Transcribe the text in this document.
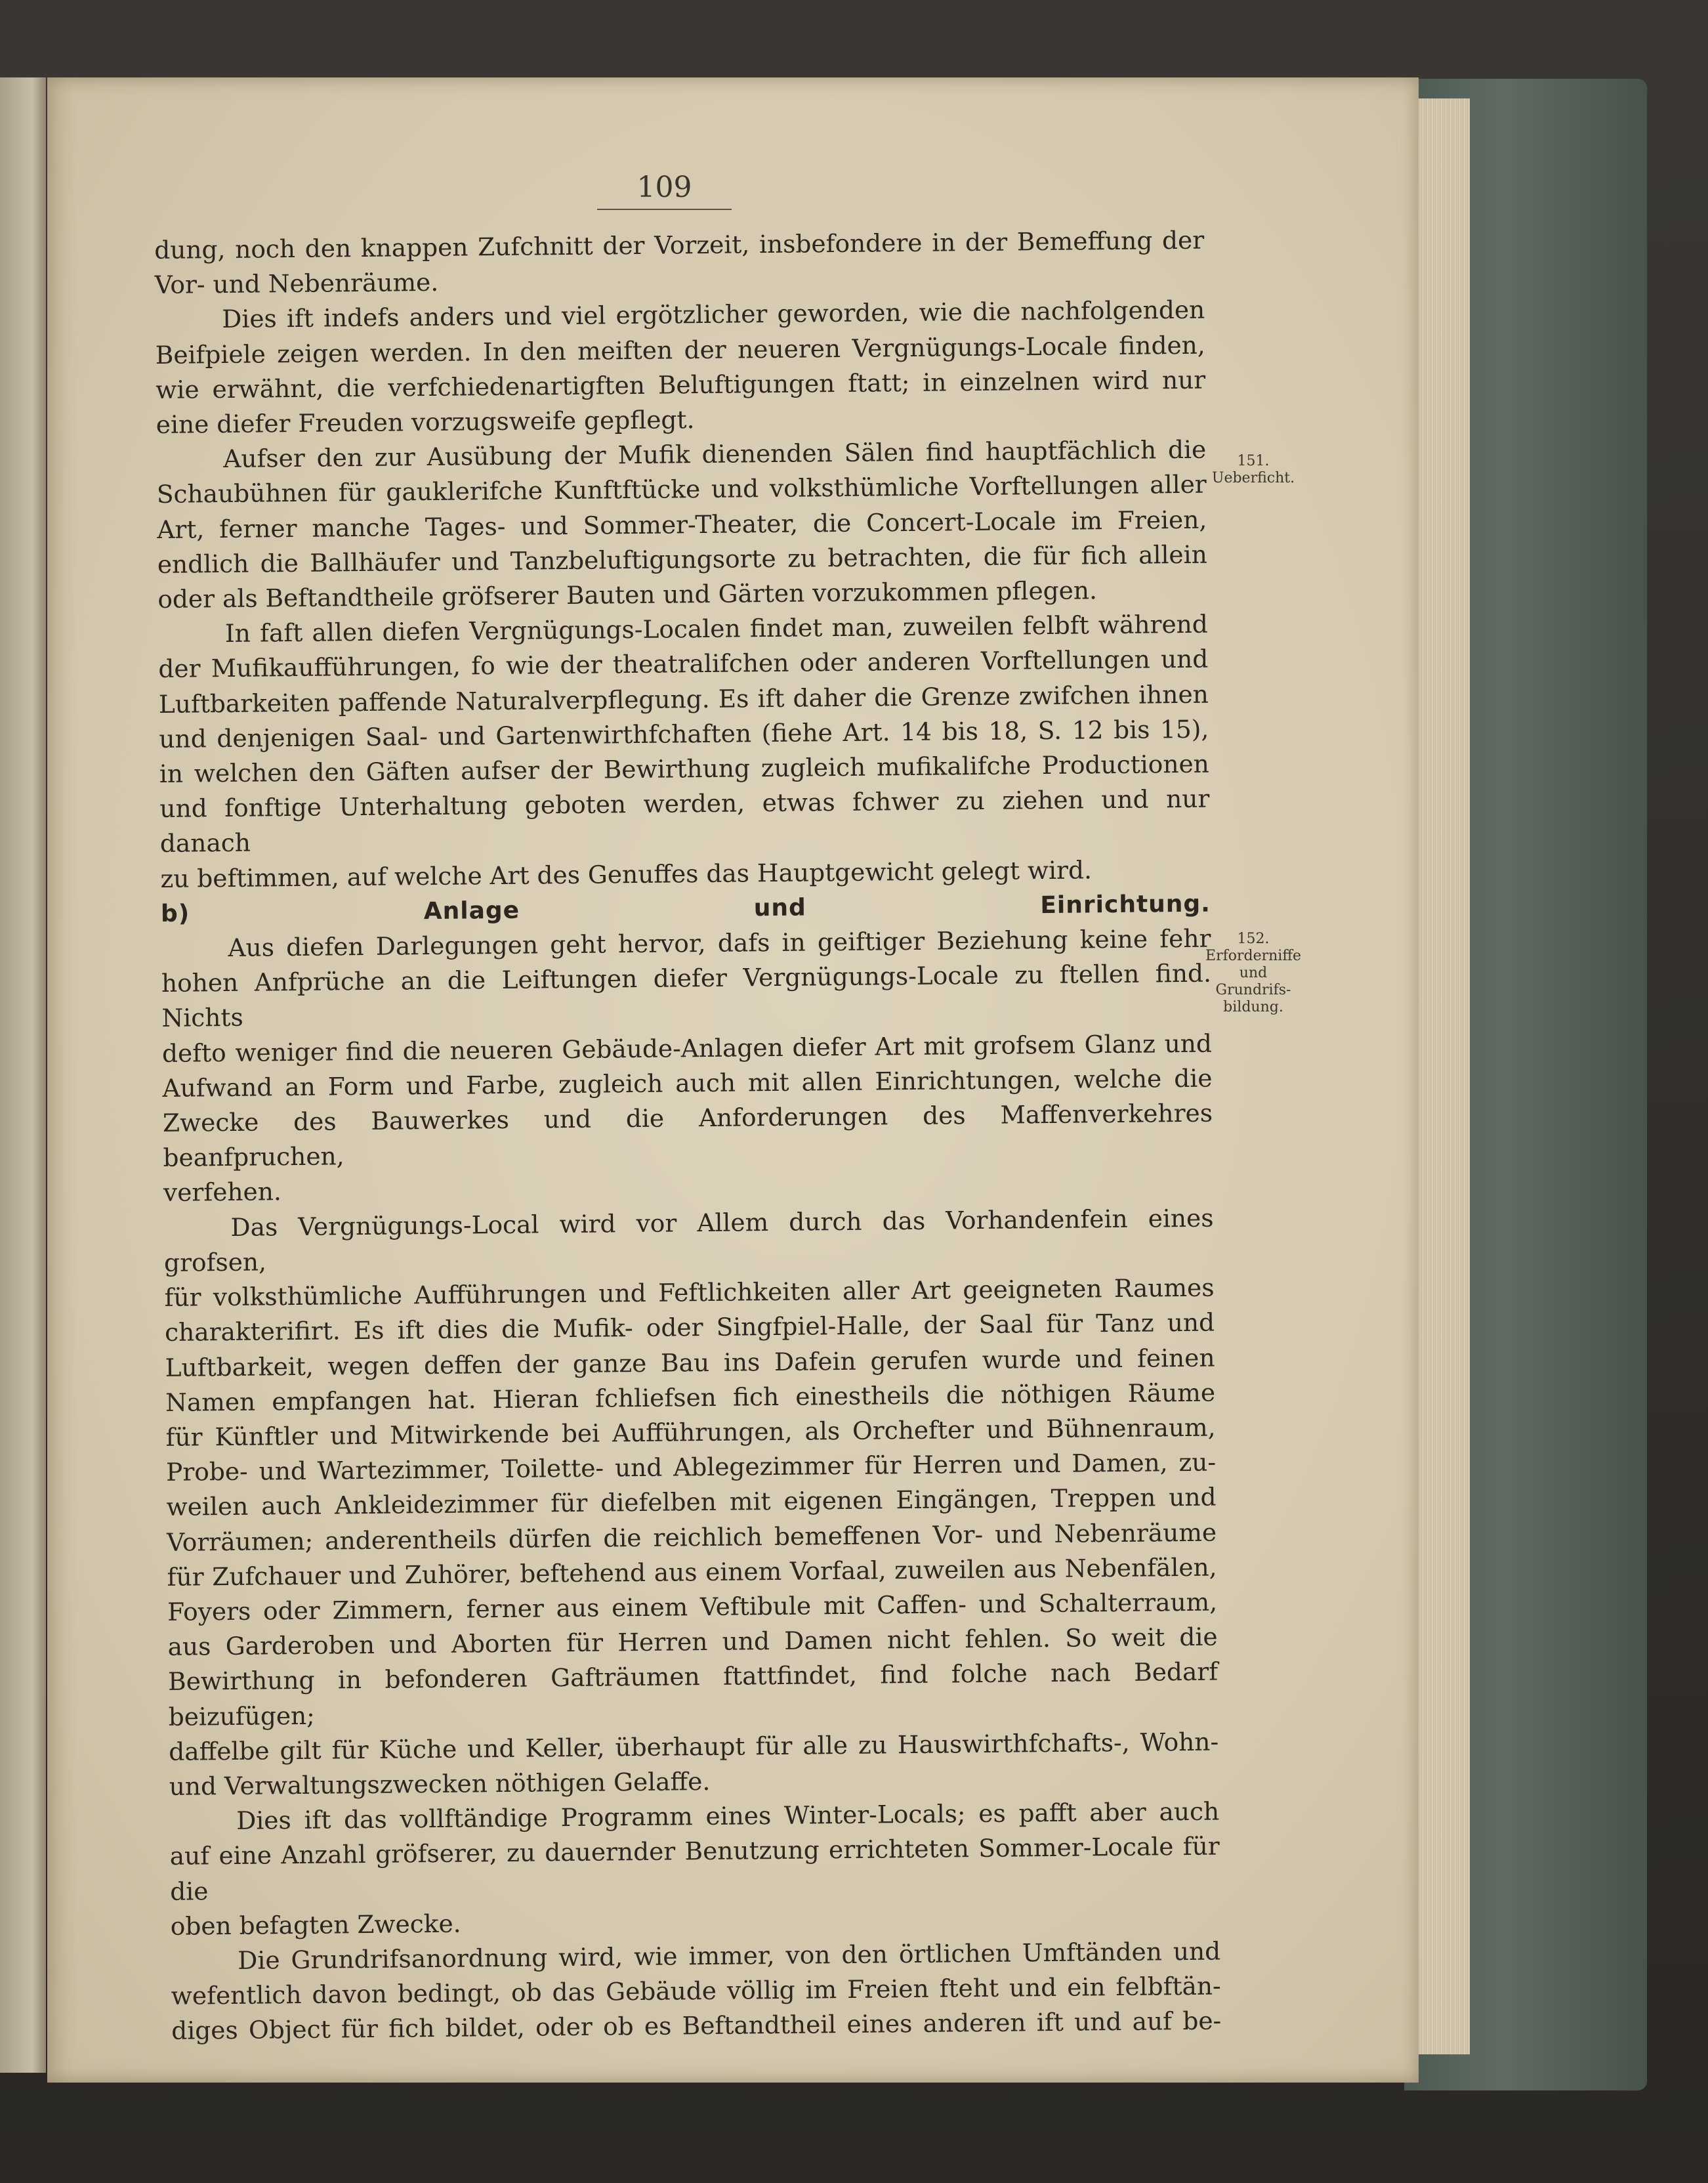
109

dung, noch den knappen Zufchnitt der Vorzeit, insbefondere in der Bemeffung der

Vor- und Nebenräume.

Dies ift indefs anders und viel ergötzlicher geworden, wie die nachfolgenden

Beifpiele zeigen werden. In den meiften der neueren Vergnügungs-Locale finden,

wie erwähnt, die verfchiedenartigften Beluftigungen ftatt; in einzelnen wird nur

eine diefer Freuden vorzugsweife gepflegt.

Aufser den zur Ausübung der Mufik dienenden Sälen find hauptfächlich die

Schaubühnen für gauklerifche Kunftftücke und volksthümliche Vorftellungen aller

Art, ferner manche Tages- und Sommer-Theater, die Concert-Locale im Freien,

endlich die Ballhäufer und Tanzbeluftigungsorte zu betrachten, die für fich allein

oder als Beftandtheile gröfserer Bauten und Gärten vorzukommen pflegen.

In faft allen diefen Vergnügungs-Localen findet man, zuweilen felbft während

der Mufikaufführungen, fo wie der theatralifchen oder anderen Vorftellungen und

Luftbarkeiten paffende Naturalverpflegung. Es ift daher die Grenze zwifchen ihnen

und denjenigen Saal- und Gartenwirthfchaften (fiehe Art. 14 bis 18, S. 12 bis 15),

in welchen den Gäften aufser der Bewirthung zugleich mufikalifche Productionen

und fonftige Unterhaltung geboten werden, etwas fchwer zu ziehen und nur danach

zu beftimmen, auf welche Art des Genuffes das Hauptgewicht gelegt wird.

b) Anlage und Einrichtung.

Aus diefen Darlegungen geht hervor, dafs in geiftiger Beziehung keine fehr

hohen Anfprüche an die Leiftungen diefer Vergnügungs-Locale zu ftellen find. Nichts

defto weniger find die neueren Gebäude-Anlagen diefer Art mit grofsem Glanz und

Aufwand an Form und Farbe, zugleich auch mit allen Einrichtungen, welche die

Zwecke des Bauwerkes und die Anforderungen des Maffenverkehres beanfpruchen,

verfehen.

Das Vergnügungs-Local wird vor Allem durch das Vorhandenfein eines grofsen,

für volksthümliche Aufführungen und Feftlichkeiten aller Art geeigneten Raumes

charakterifirt. Es ift dies die Mufik- oder Singfpiel-Halle, der Saal für Tanz und

Luftbarkeit, wegen deffen der ganze Bau ins Dafein gerufen wurde und feinen

Namen empfangen hat. Hieran fchliefsen fich einestheils die nöthigen Räume

für Künftler und Mitwirkende bei Aufführungen, als Orchefter und Bühnenraum,

Probe- und Wartezimmer, Toilette- und Ablegezimmer für Herren und Damen, zu-

weilen auch Ankleidezimmer für diefelben mit eigenen Eingängen, Treppen und

Vorräumen; anderentheils dürfen die reichlich bemeffenen Vor- und Nebenräume

für Zufchauer und Zuhörer, beftehend aus einem Vorfaal, zuweilen aus Nebenfälen,

Foyers oder Zimmern, ferner aus einem Veftibule mit Caffen- und Schalterraum,

aus Garderoben und Aborten für Herren und Damen nicht fehlen. So weit die

Bewirthung in befonderen Gafträumen ftattfindet, find folche nach Bedarf beizufügen;

daffelbe gilt für Küche und Keller, überhaupt für alle zu Hauswirthfchafts-, Wohn-

und Verwaltungszwecken nöthigen Gelaffe.

Dies ift das vollftändige Programm eines Winter-Locals; es pafft aber auch

auf eine Anzahl gröfserer, zu dauernder Benutzung errichteten Sommer-Locale für die

oben befagten Zwecke.

Die Grundrifsanordnung wird, wie immer, von den örtlichen Umftänden und

wefentlich davon bedingt, ob das Gebäude völlig im Freien fteht und ein felbftän-

diges Object für fich bildet, oder ob es Beftandtheil eines anderen ift und auf be-

151.
Ueberficht.
152.
Erforderniffe
und
Grundrifs-
bildung.
